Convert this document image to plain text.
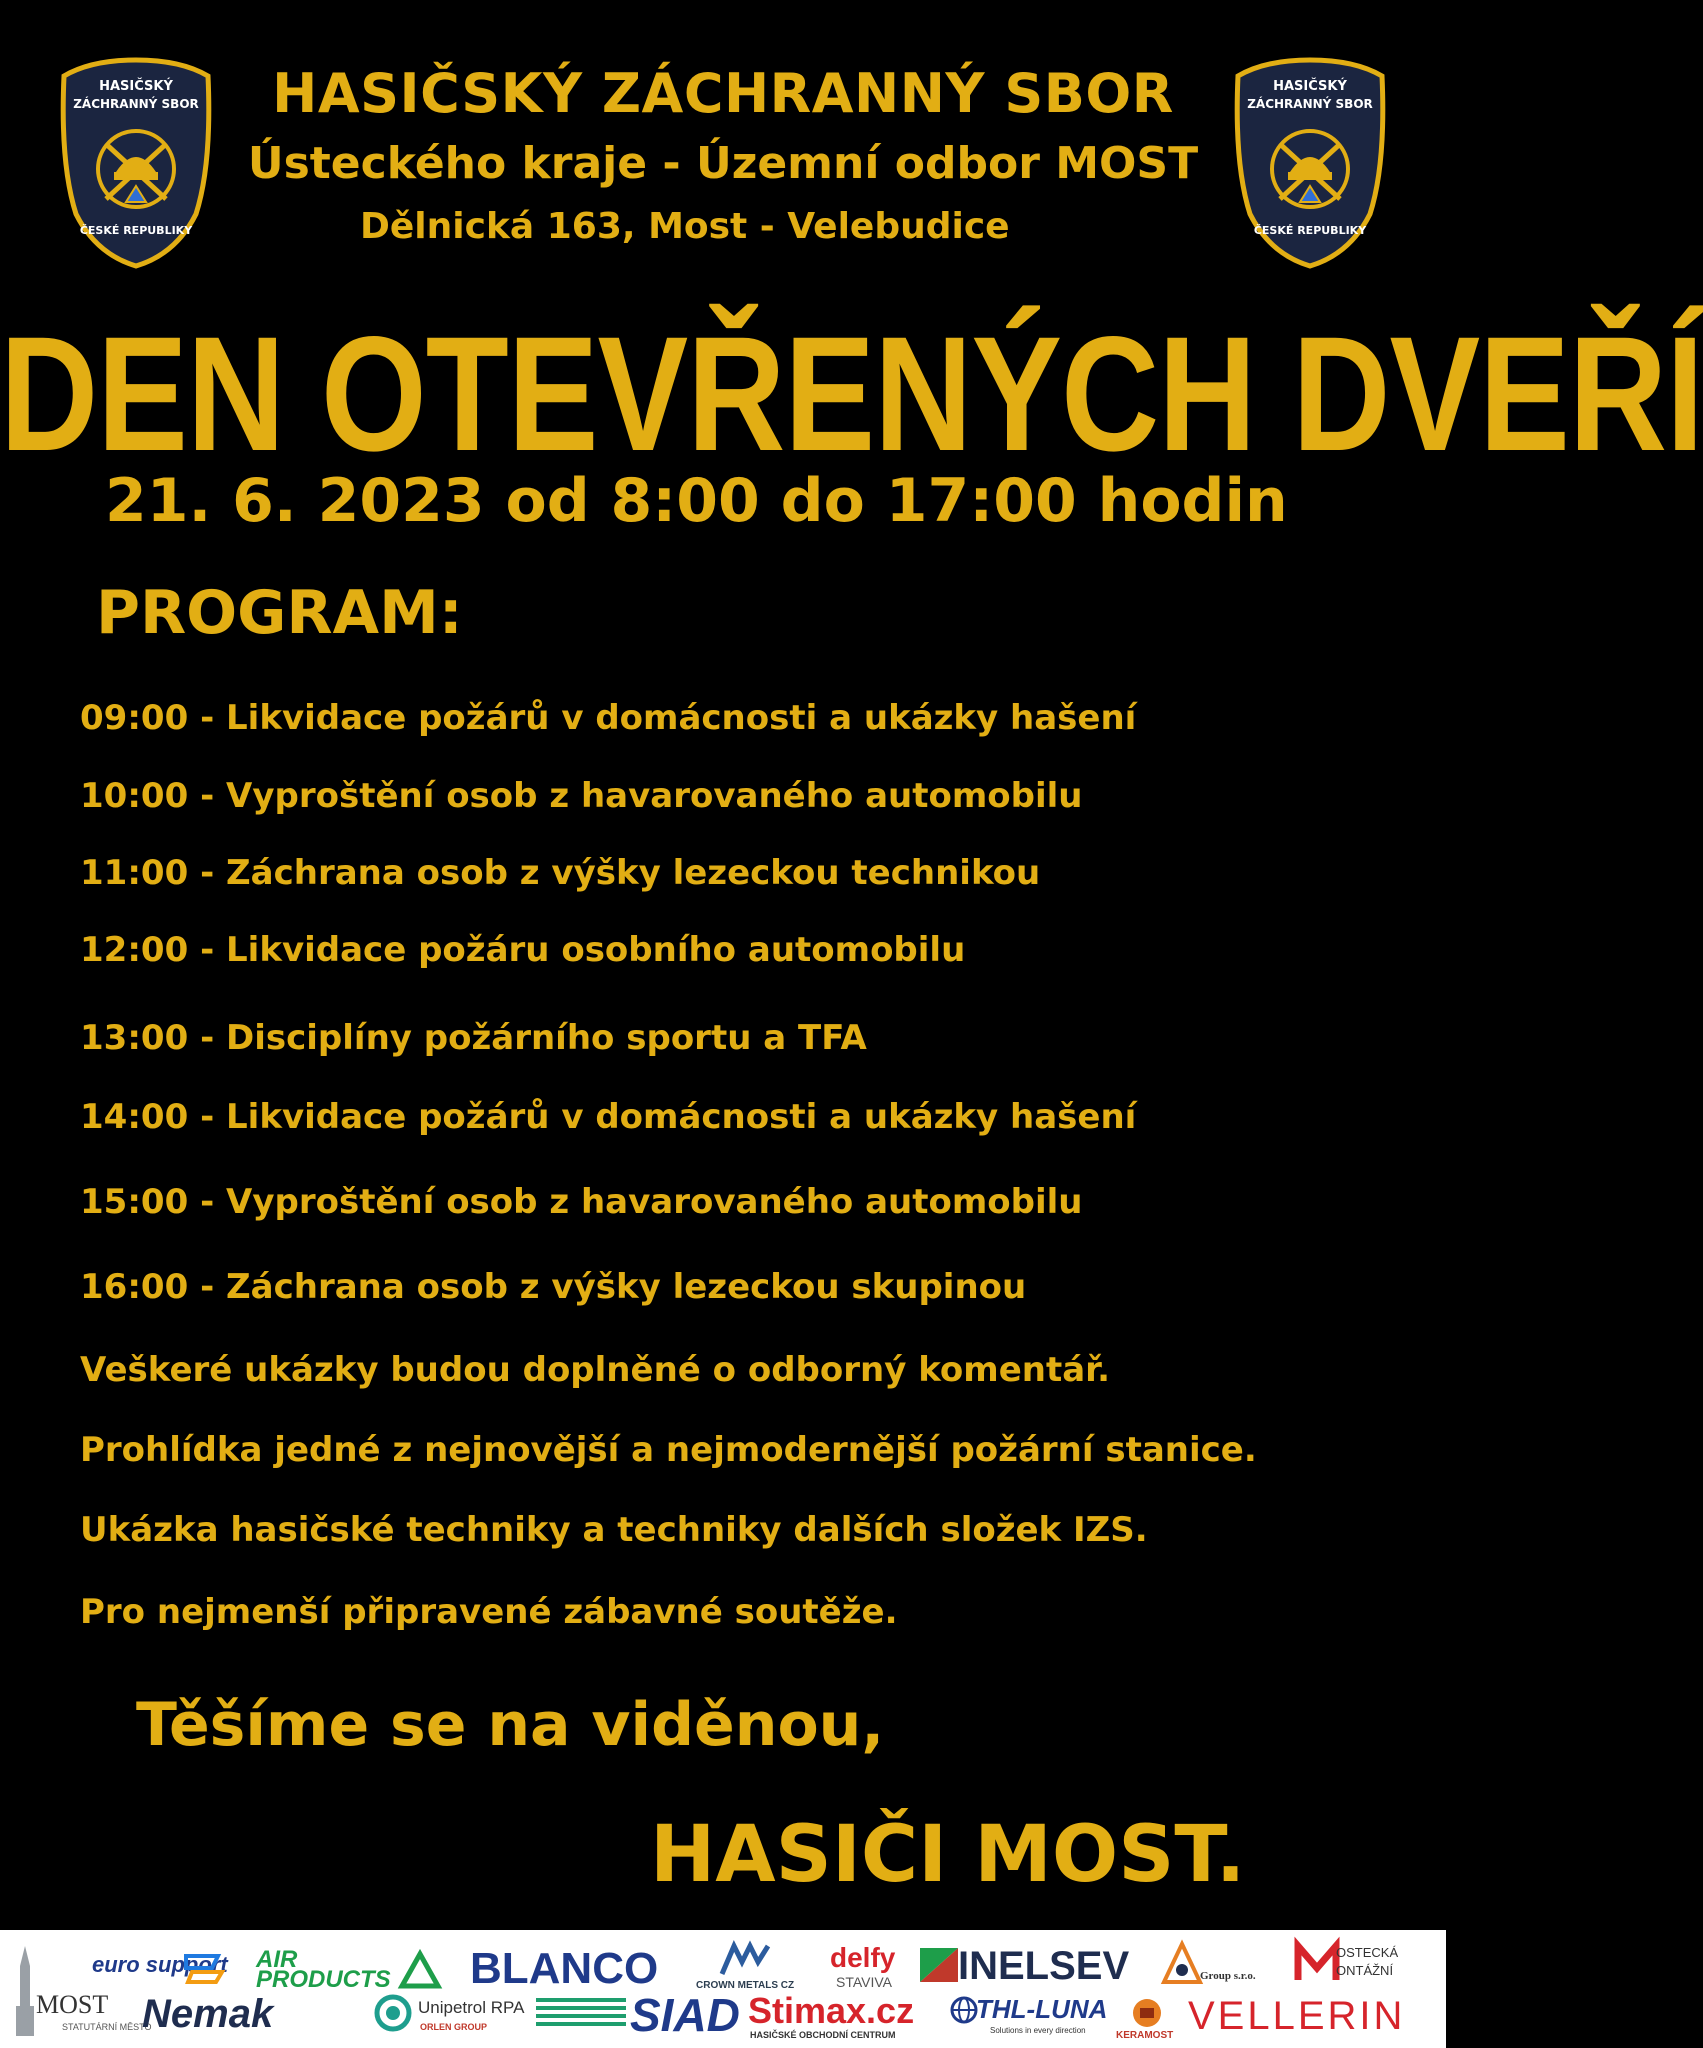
HASIČSKÝ
ZÁCHRANNÝ SBOR
ČESKÉ REPUBLIKY
HASIČSKÝ
ZÁCHRANNÝ SBOR
ČESKÉ REPUBLIKY
HASIČSKÝ ZÁCHRANNÝ SBOR
Ústeckého kraje - Územní odbor MOST
Dělnická 163, Most - Velebudice
DEN OTEVŘENÝCH DVEŘÍ
21. 6. 2023 od 8:00 do 17:00 hodin
PROGRAM:
09:00 - Likvidace požárů v domácnosti a ukázky hašení
10:00 - Vyproštění osob z havarovaného automobilu
11:00 - Záchrana osob z výšky lezeckou technikou
12:00 - Likvidace požáru osobního automobilu
13:00 - Disciplíny požárního sportu a TFA
14:00 - Likvidace požárů v domácnosti a ukázky hašení
15:00 - Vyproštění osob z havarovaného automobilu
16:00 - Záchrana osob z výšky lezeckou skupinou
Veškeré ukázky budou doplněné o odborný komentář.
Prohlídka jedné z nejnovější a nejmodernější požární stanice.
Ukázka hasičské techniky a techniky dalších složek IZS.
Pro nejmenší připravené zábavné soutěže.
Těšíme se na viděnou,
HASIČI MOST.
MOST
STATUTÁRNÍ MĚSTO
euro support
Nemak
AIR PRODUCTS
Unipetrol RPA
ORLEN GROUP
BLANCO
SIAD
CROWN METALS CZ
delfy
STAVIVA
Stimax.cz
HASIČSKÉ OBCHODNÍ CENTRUM
INELSEV
THL-LUNA
Solutions in every direction
Group s.r.o.
KERAMOST
OSTECKÁ ONTÁŽNÍ
VELLERIN
